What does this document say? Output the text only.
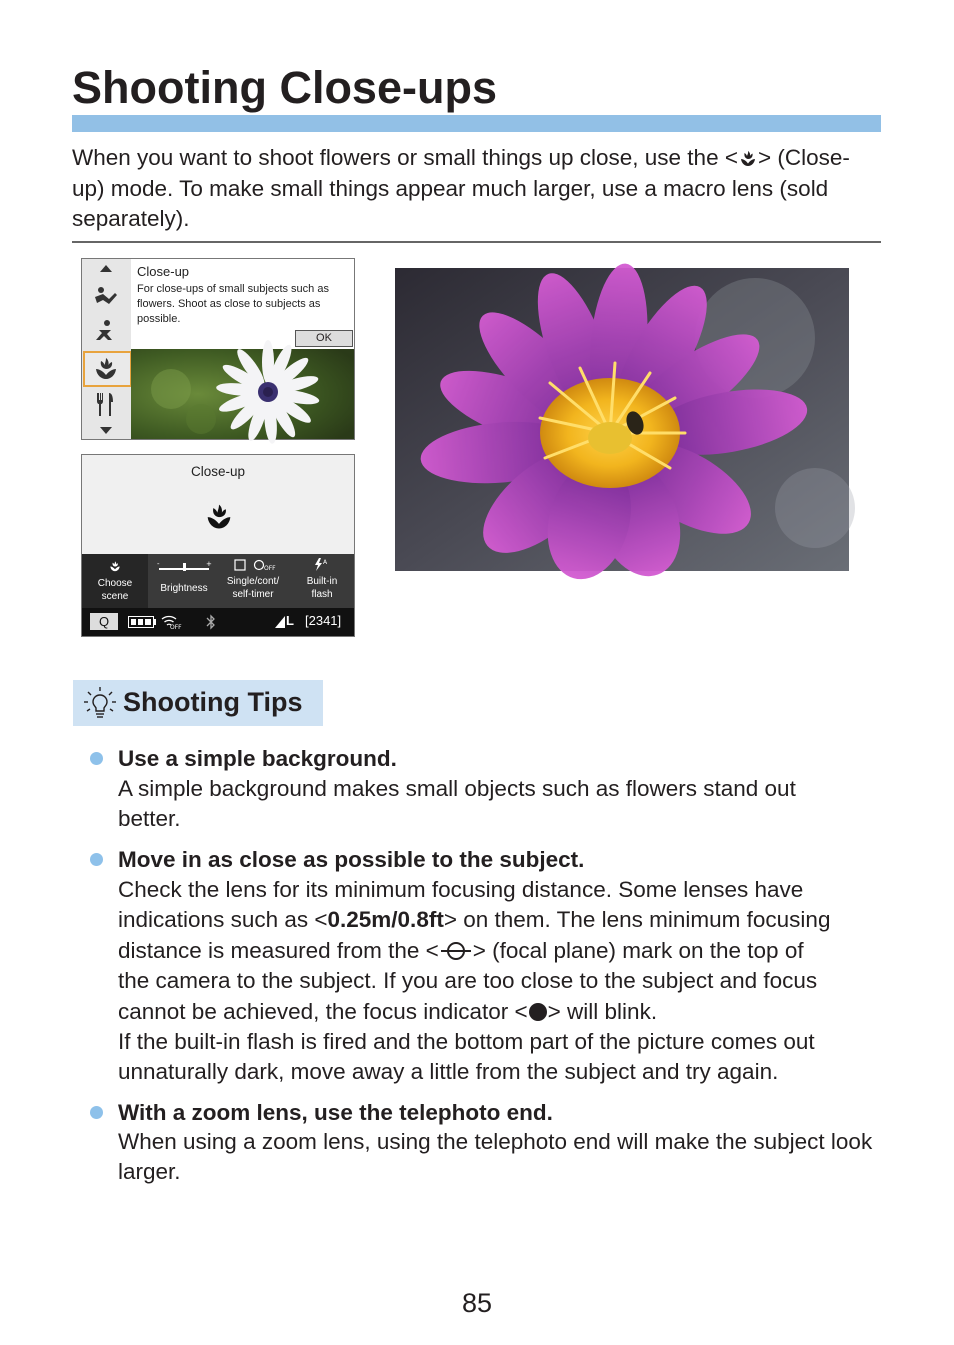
Shooting Close-ups
When you want to shoot flowers or small things up close, use the < > (Close-up) mode. To make small things appear much larger, use a macro lens (sold separately).
Close-up
For close-ups of small subjects such as flowers. Shoot as close to subjects as possible.
OK
Close-up
Choose
scene
-	+
Brightness
OFF
Single/cont/
self-timer
A
Built-in
flash
Q	OFF	L [2341]
Shooting Tips
Use a simple background.
A simple background makes small objects such as flowers stand out better.
Move in as close as possible to the subject.
Check the lens for its minimum focusing distance. Some lenses have
indications such as <0.25m/0.8ft> on them. The lens minimum focusing
distance is measured from the < > (focal plane) mark on the top of
the camera to the subject. If you are too close to the subject and focus
cannot be achieved, the focus indicator < > will blink.
If the built-in flash is fired and the bottom part of the picture comes out
unnaturally dark, move away a little from the subject and try again.
With a zoom lens, use the telephoto end.
When using a zoom lens, using the telephoto end will make the subject look larger.
85
